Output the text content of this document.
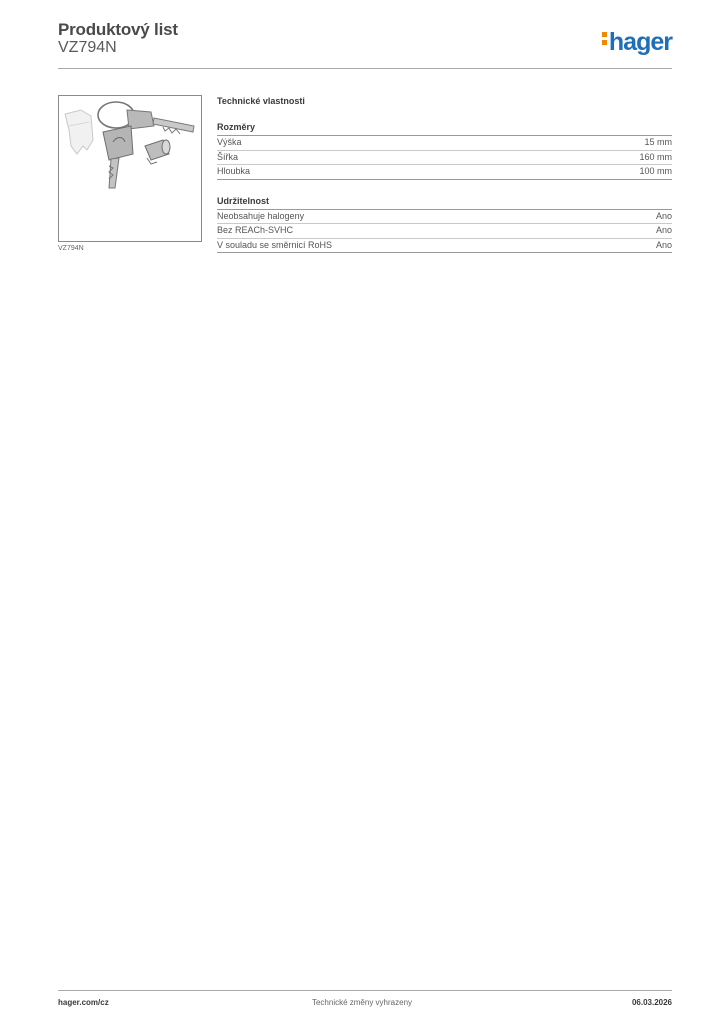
Produktový list
VZ794N	hager
VZ794N
Technické vlastnosti
Rozměry
Výška	15 mm
Šířka	160 mm
Hloubka	100 mm
Udržitelnost
Neobsahuje halogeny	Ano
Bez REACh-SVHC	Ano
V souladu se směrnicí RoHS	Ano
hager.com/cz	Technické změny vyhrazeny	06.03.2026
